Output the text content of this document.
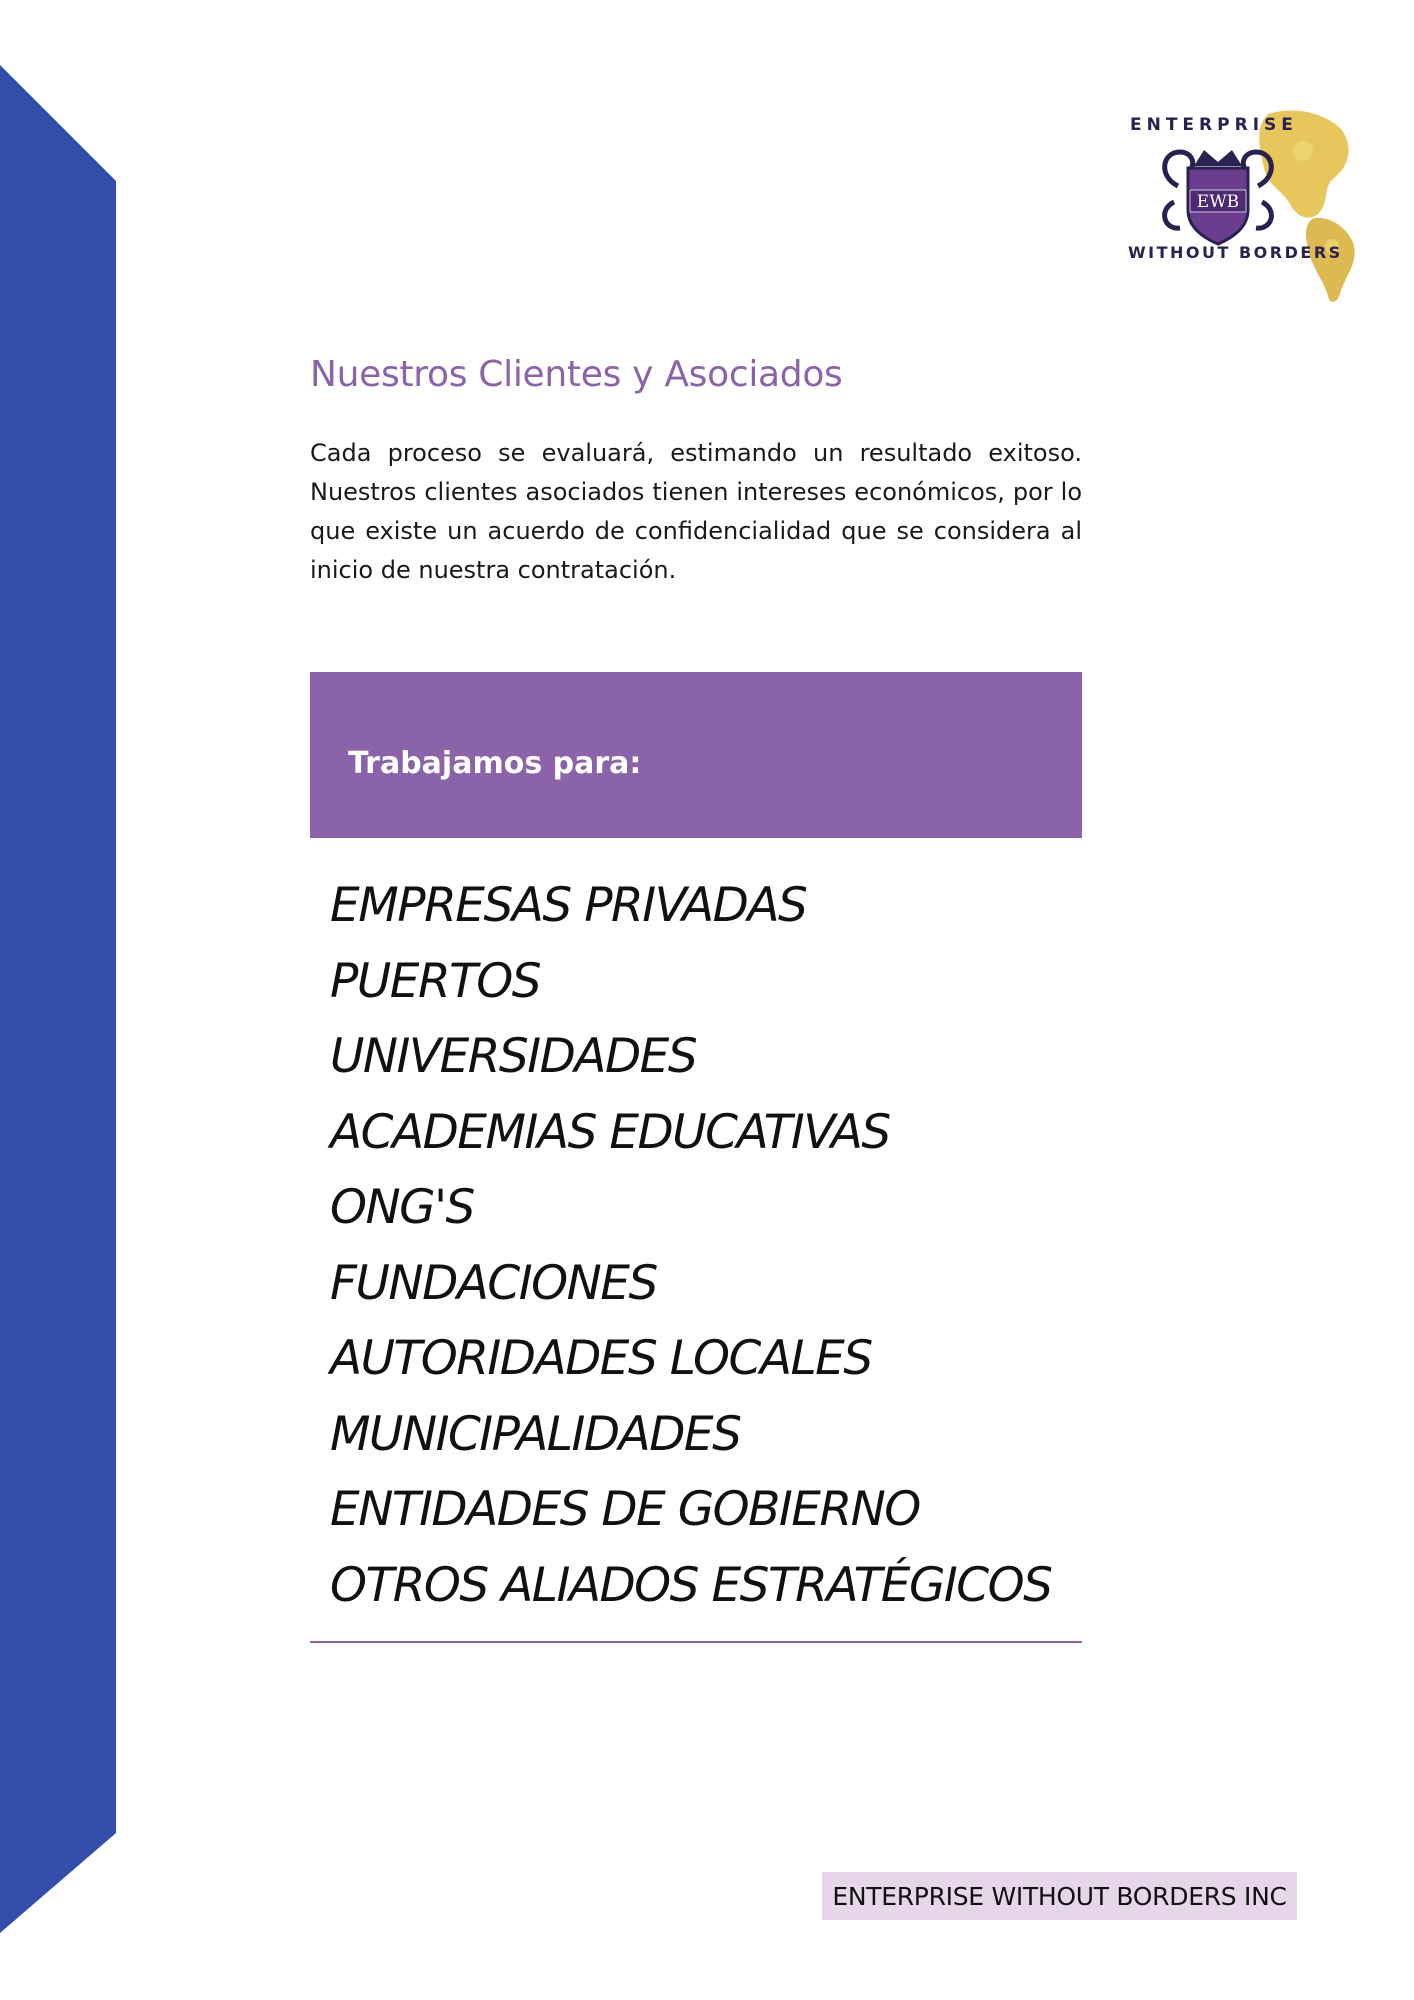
ENTERPRISE
EWB
WITHOUT BORDERS
Nuestros Clientes y Asociados

Cada proceso se evaluará, estimando un resultado exitoso. Nuestros clientes asociados tienen intereses económicos, por lo que existe un acuerdo de confidencialidad que se considera al inicio de nuestra contratación.

Trabajamos para:
EMPRESAS PRIVADAS
PUERTOS
UNIVERSIDADES
ACADEMIAS EDUCATIVAS
ONG'S
FUNDACIONES
AUTORIDADES LOCALES
MUNICIPALIDADES
ENTIDADES DE GOBIERNO
OTROS ALIADOS ESTRATÉGICOS
ENTERPRISE WITHOUT BORDERS INC
